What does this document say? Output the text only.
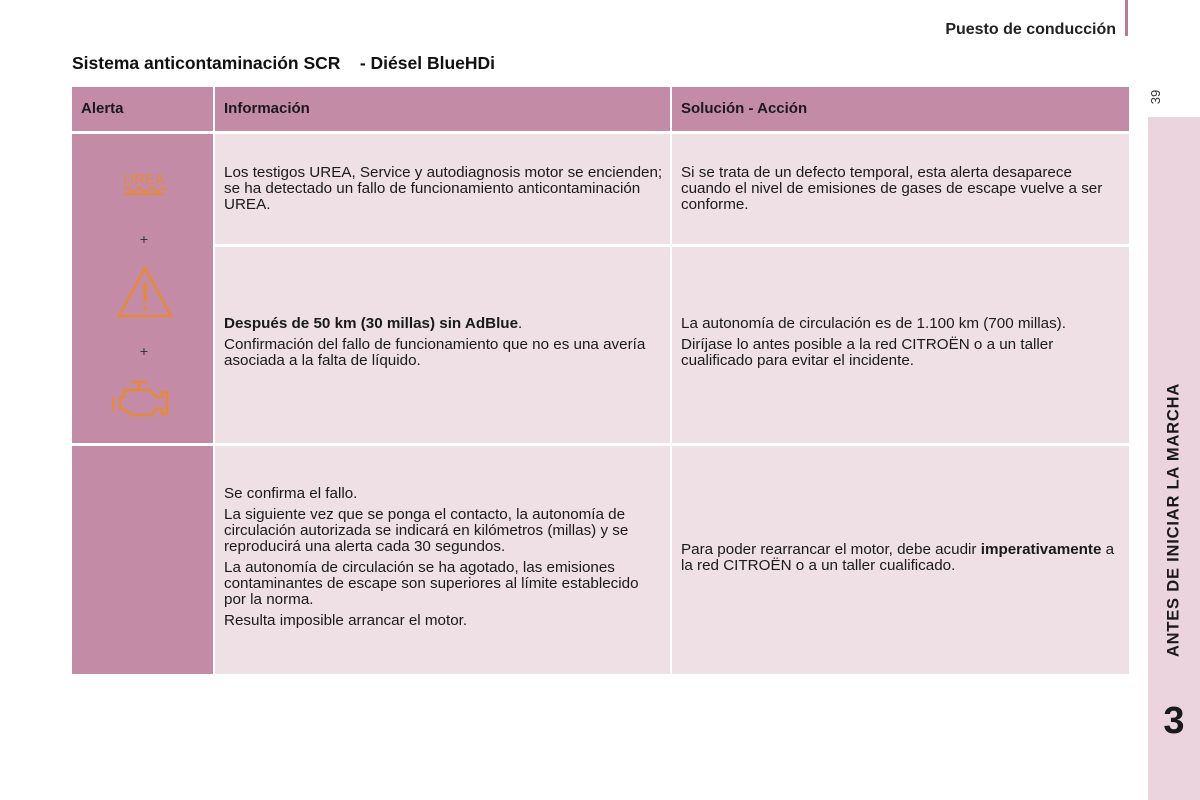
Puesto de conducción
39
ANTES DE INICIAR LA MARCHA
3
Sistema anticontaminación SCR    - Diésel BlueHDi
Alerta	Información	Solución - Acción
UREA
+
+

Los testigos UREA, Service y autodiagnosis motor se encienden; se ha detectado un fallo de funcionamiento anticontaminación UREA.

Si se trata de un defecto temporal, esta alerta desaparece cuando el nivel de emisiones de gases de escape vuelve a ser conforme.

Después de 50 km (30 millas) sin AdBlue.

Confirmación del fallo de funcionamiento que no es una avería asociada a la falta de líquido.

La autonomía de circulación es de 1.100 km (700 millas).

Diríjase lo antes posible a la red CITROËN o a un taller cualificado para evitar el incidente.

Se confirma el fallo.

La siguiente vez que se ponga el contacto, la autonomía de circulación autorizada se indicará en kilómetros (millas) y se reproducirá una alerta cada 30 segundos.

La autonomía de circulación se ha agotado, las emisiones contaminantes de escape son superiores al límite establecido por la norma.

Resulta imposible arrancar el motor.

Para poder rearrancar el motor, debe acudir imperativamente a la red CITROËN o a un taller cualificado.
